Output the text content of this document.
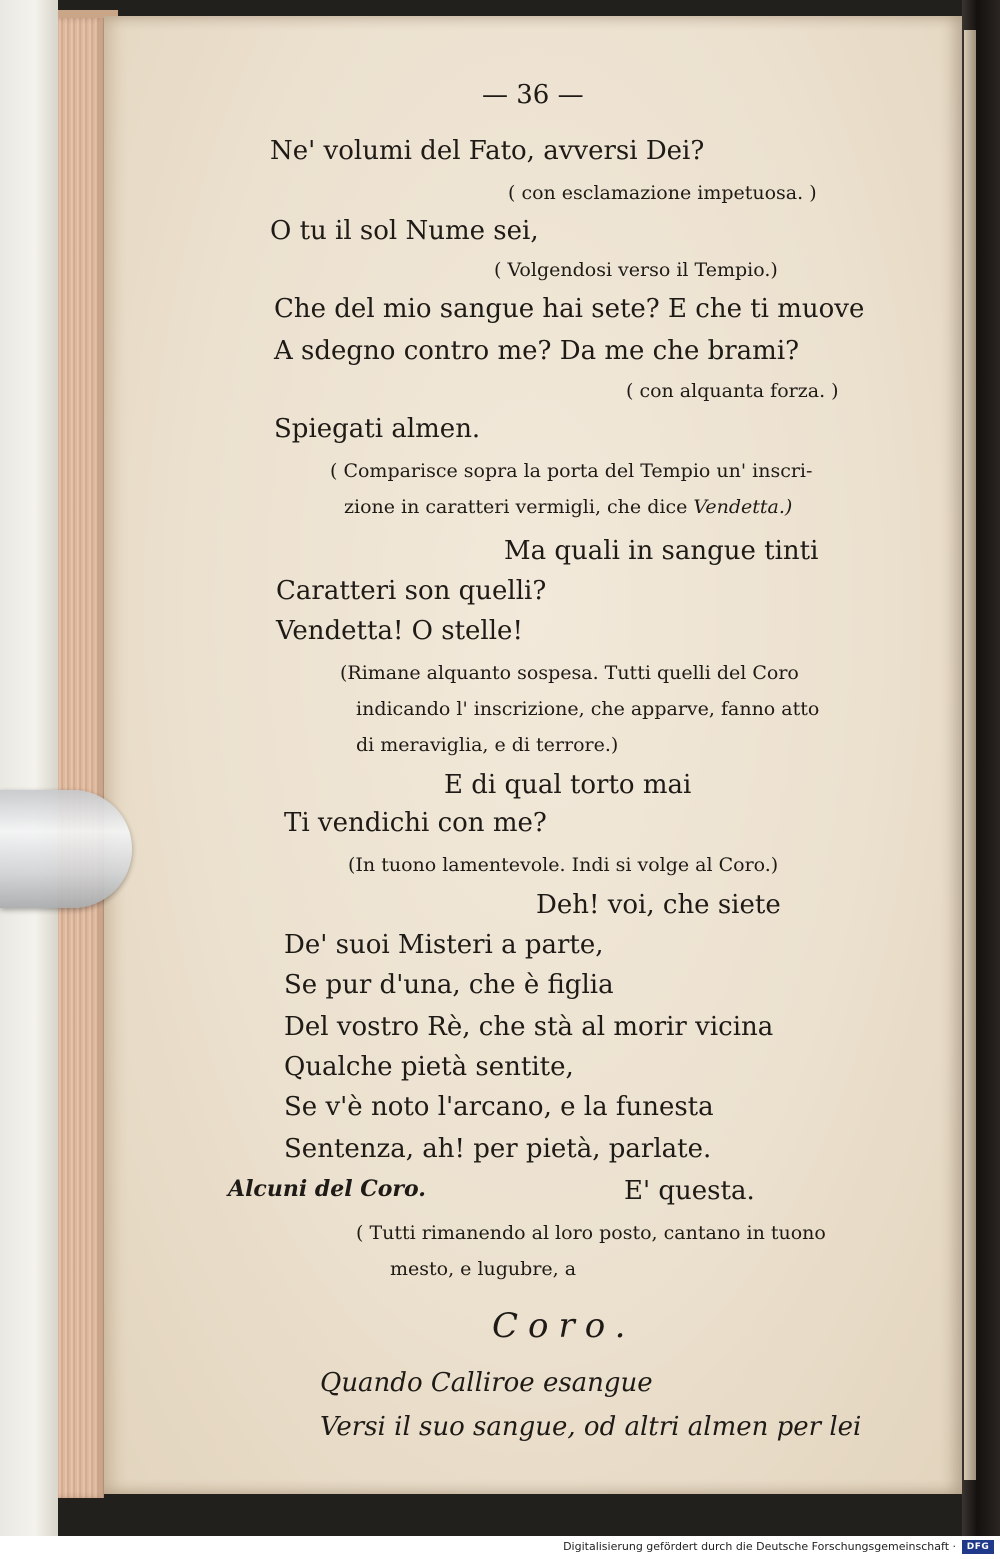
— 36 —
Ne' volumi del Fato, avversi Dei?
( con esclamazione impetuosa. )
O tu il sol Nume sei,
( Volgendosi verso il Tempio.)
Che del mio sangue hai sete? E che ti muove
A sdegno contro me? Da me che brami?
( con alquanta forza. )
Spiegati almen.
( Comparisce sopra la porta del Tempio un' inscri-
zione in caratteri vermigli, che dice Vendetta.)
Ma quali in sangue tinti
Caratteri son quelli?
Vendetta! O stelle!
(Rimane alquanto sospesa. Tutti quelli del Coro
indicando l' inscrizione, che apparve, fanno atto
di meraviglia, e di terrore.)
E di qual torto mai
Ti vendichi con me?
(In tuono lamentevole. Indi si volge al Coro.)
Deh! voi, che siete
De' suoi Misteri a parte,
Se pur d'una, che è figlia
Del vostro Rè, che stà al morir vicina
Qualche pietà sentite,
Se v'è noto l'arcano, e la funesta
Sentenza, ah! per pietà, parlate.
Alcuni del Coro.	E' questa.
( Tutti rimanendo al loro posto, cantano in tuono
mesto, e lugubre, a
Coro.
Quando Calliroe esangue
Versi il suo sangue, od altri almen per lei
Digitalisierung gefördert durch die Deutsche Forschungsgemeinschaft ·	DFG
